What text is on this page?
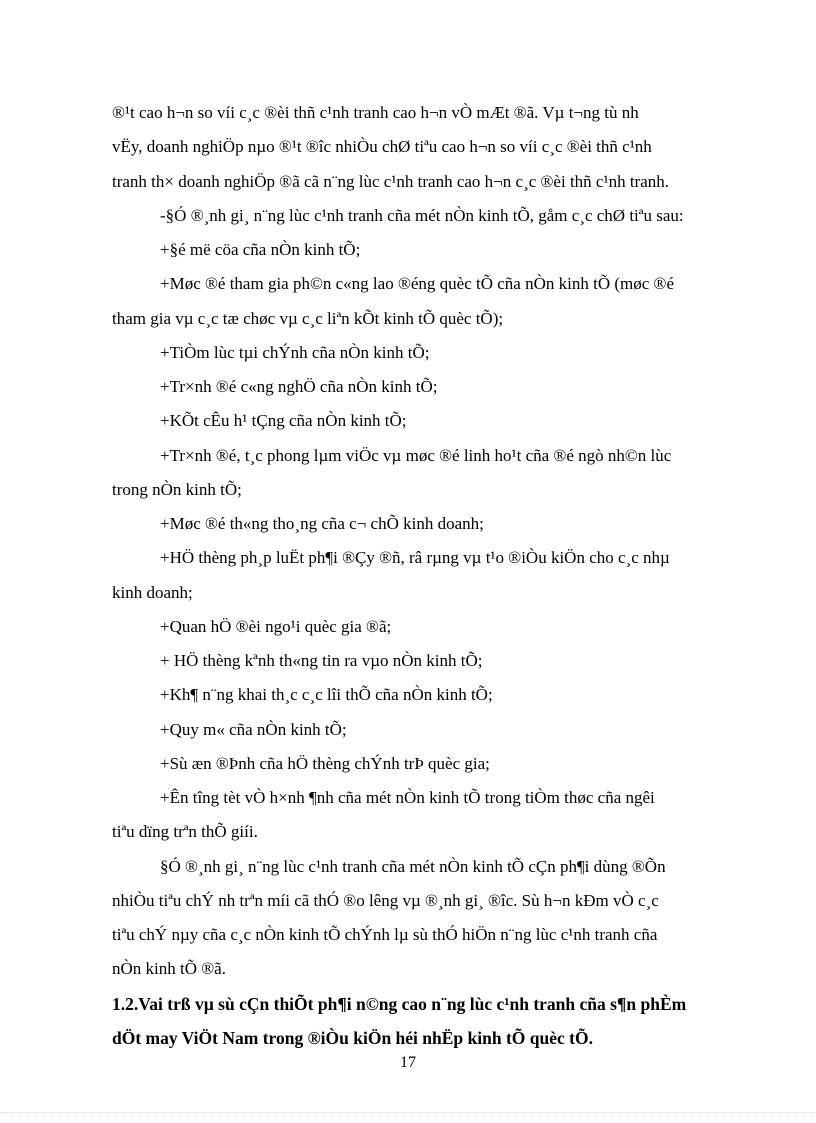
®¹t cao h¬n so víi c¸c ®èi thñ c¹nh tranh cao h¬n vÒ mÆt ®ã. Vµ t¬ng tù nh
vËy, doanh nghiÖp nµo ®¹t ®îc nhiÒu chØ tiªu cao h¬n so víi c¸c ®èi thñ c¹nh
tranh th× doanh nghiÖp ®ã cã n¨ng lùc c¹nh tranh cao h¬n c¸c ®èi thñ c¹nh tranh.
-§Ó ®¸nh gi¸ n¨ng lùc c¹nh tranh cña mét nÒn kinh tÕ, gåm c¸c chØ tiªu sau:
+§é më cöa cña nÒn kinh tÕ;
+Møc ®é tham gia ph©n c«ng lao ®éng quèc tÕ cña nÒn kinh tÕ (møc ®é
tham gia vµ c¸c tæ chøc vµ c¸c liªn kÕt kinh tÕ quèc tÕ);
+TiÒm lùc tµi chÝnh cña nÒn kinh tÕ;
+Tr×nh ®é c«ng nghÖ cña nÒn kinh tÕ;
+KÕt cÊu h¹ tÇng cña nÒn kinh tÕ;
+Tr×nh ®é, t¸c phong lµm viÖc vµ møc ®é linh ho¹t cña ®é ngò nh©n lùc
trong nÒn kinh tÕ;
+Møc ®é th«ng tho¸ng cña c¬ chÕ kinh doanh;
+HÖ thèng ph¸p luËt ph¶i ®Çy ®ñ, râ rµng vµ t¹o ®iÒu kiÖn cho c¸c nhµ
kinh doanh;
+Quan hÖ ®èi ngo¹i quèc gia ®ã;
+ HÖ thèng kªnh th«ng tin ra vµo nÒn kinh tÕ;
+Kh¶ n¨ng khai th¸c c¸c lîi thÕ cña nÒn kinh tÕ;
+Quy m« cña nÒn kinh tÕ;
+Sù æn ®Þnh cña hÖ thèng chÝnh trÞ quèc gia;
+Ên tîng tèt vÒ h×nh ¶nh cña mét nÒn kinh tÕ trong tiÒm thøc cña ngêi
tiªu dïng trªn thÕ giíi.
§Ó ®¸nh gi¸ n¨ng lùc c¹nh tranh cña mét nÒn kinh tÕ cÇn ph¶i dùng ®Õn
nhiÒu tiªu chÝ nh trªn míi cã thÓ ®o lêng vµ ®¸nh gi¸ ®îc. Sù h¬n kÐm vÒ c¸c
tiªu chÝ nµy cña c¸c nÒn kinh tÕ chÝnh lµ sù thÓ hiÖn n¨ng lùc c¹nh tranh cña
nÒn kinh tÕ ®ã.
1.2.Vai trß vµ sù cÇn thiÕt ph¶i n©ng cao n¨ng lùc c¹nh tranh cña s¶n phÈm
dÖt may ViÖt Nam trong ®iÒu kiÖn héi nhËp kinh tÕ quèc tÕ.
17
